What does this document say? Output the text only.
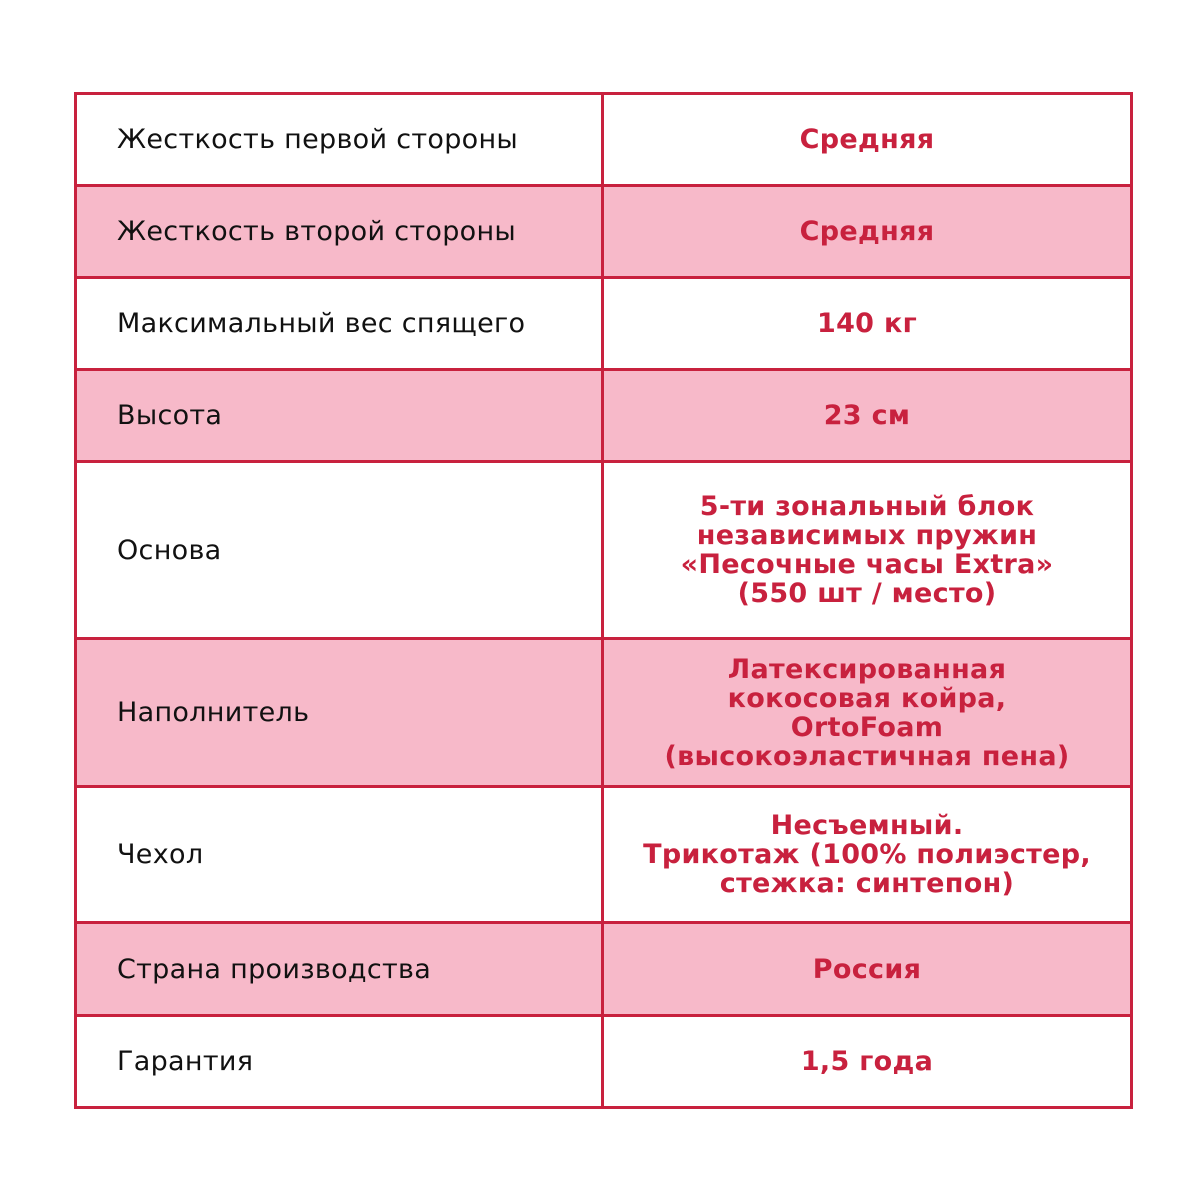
Жесткость первой стороны	Средняя

Жесткость второй стороны	Средняя

Максимальный вес спящего	140 кг

Высота	23 см

Основа	5-ти зональный блок
независимых пружин
«Песочные часы Extra»
(550 шт / место)

Наполнитель	Латексированная
кокосовая койра,
OrtoFoam
(высокоэластичная пена)

Чехол	Несъемный.
Трикотаж (100% полиэстер,
стежка: синтепон)

Страна производства	Россия

Гарантия	1,5 года
